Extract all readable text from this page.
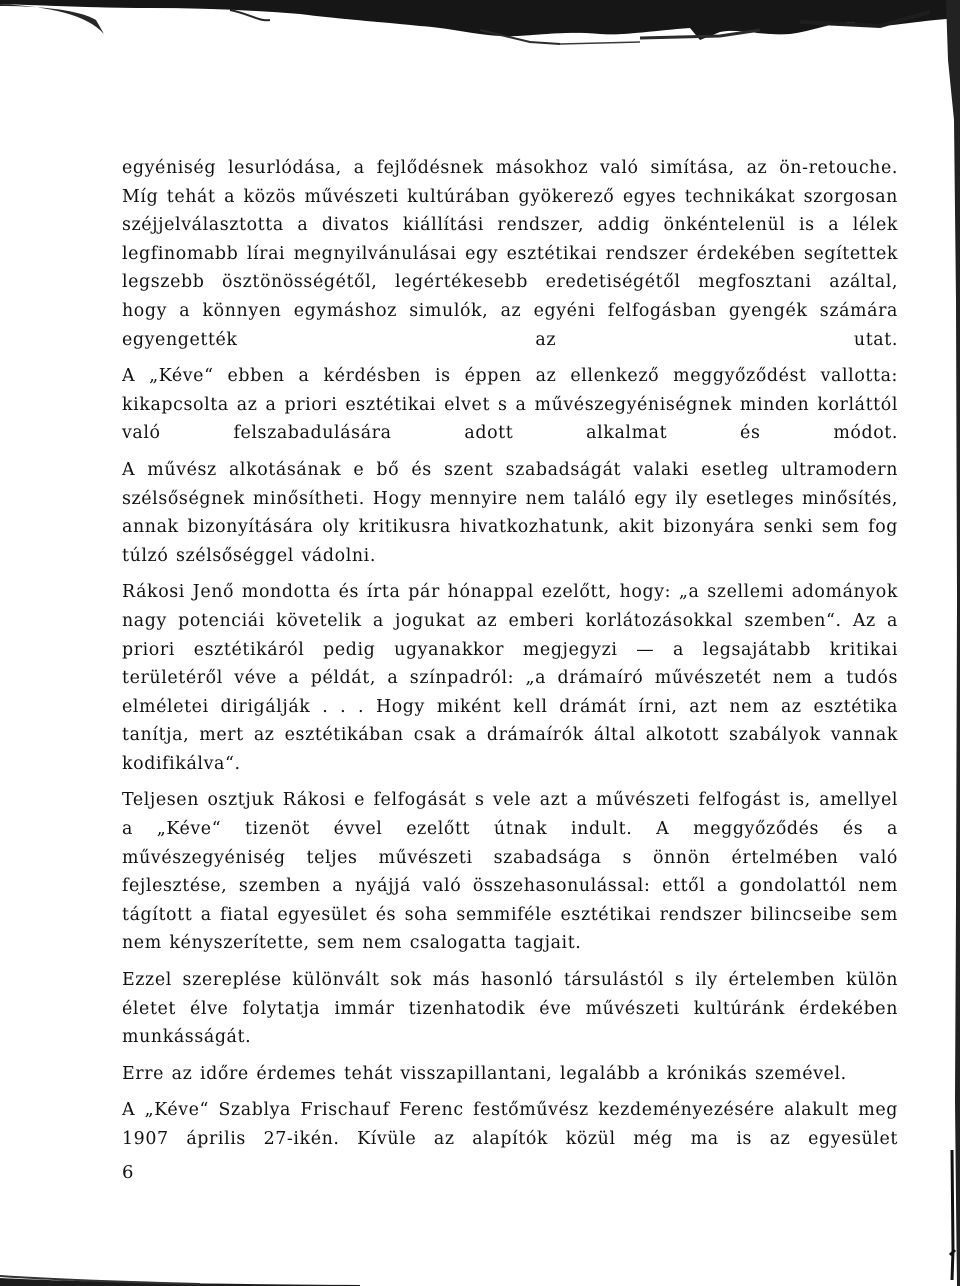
egyéniség lesurlódása, a fejlődésnek másokhoz való simítása, az ön-retouche. Míg tehát a közös művészeti kultúrában gyökerező egyes technikákat szorgosan széjjelválasztotta a divatos kiállítási rendszer, addig önkéntelenül is a lélek legfinomabb lírai megnyilvánulásai egy esztétikai rendszer érdekében segítettek legszebb ösztönösségétől, legértékesebb eredetiségétől megfosztani azáltal, hogy a könnyen egymáshoz simulók, az egyéni felfogásban gyengék számára egyengették az utat.

A „Kéve“ ebben a kérdésben is éppen az ellenkező meggyőződést vallotta: kikapcsolta az a priori esztétikai elvet s a művészegyéniségnek minden korláttól való felszabadulására adott alkalmat és módot.

A művész alkotásának e bő és szent szabadságát valaki esetleg ultramodern szélsőségnek minősítheti. Hogy mennyire nem találó egy ily esetleges minősítés, annak bizonyítására oly kritikusra hivatkozhatunk, akit bizonyára senki sem fog túlzó szélsőséggel vádolni.

Rákosi Jenő mondotta és írta pár hónappal ezelőtt, hogy: „a szellemi adományok nagy potenciái követelik a jogukat az emberi korlátozásokkal szemben“. Az a priori esztétikáról pedig ugyanakkor megjegyzi — a legsajátabb kritikai területéről véve a példát, a színpadról: „a drámaíró művészetét nem a tudós elméletei dirigálják . . . Hogy miként kell drámát írni, azt nem az esztétika tanítja, mert az esztétikában csak a drámaírók által alkotott szabályok vannak kodifikálva“.

Teljesen osztjuk Rákosi e felfogását s vele azt a művészeti felfogást is, amellyel a „Kéve“ tizenöt évvel ezelőtt útnak indult. A meggyőződés és a művészegyéniség teljes művészeti szabadsága s önnön értelmében való fejlesztése, szemben a nyájjá való összehasonulással: ettől a gondolattól nem tágított a fiatal egyesület és soha semmiféle esztétikai rendszer bilincseibe sem nem kényszerítette, sem nem csalogatta tagjait.

Ezzel szereplése különvált sok más hasonló társulástól s ily értelemben külön életet élve folytatja immár tizenhatodik éve művészeti kultúránk érdekében munkásságát.

Erre az időre érdemes tehát visszapillantani, legalább a krónikás szemével.

A „Kéve“ Szablya Frischauf Ferenc festőművész kezdeményezésére alakult meg 1907 április 27-ikén. Kívüle az alapítók közül még ma is az egyesület

6
